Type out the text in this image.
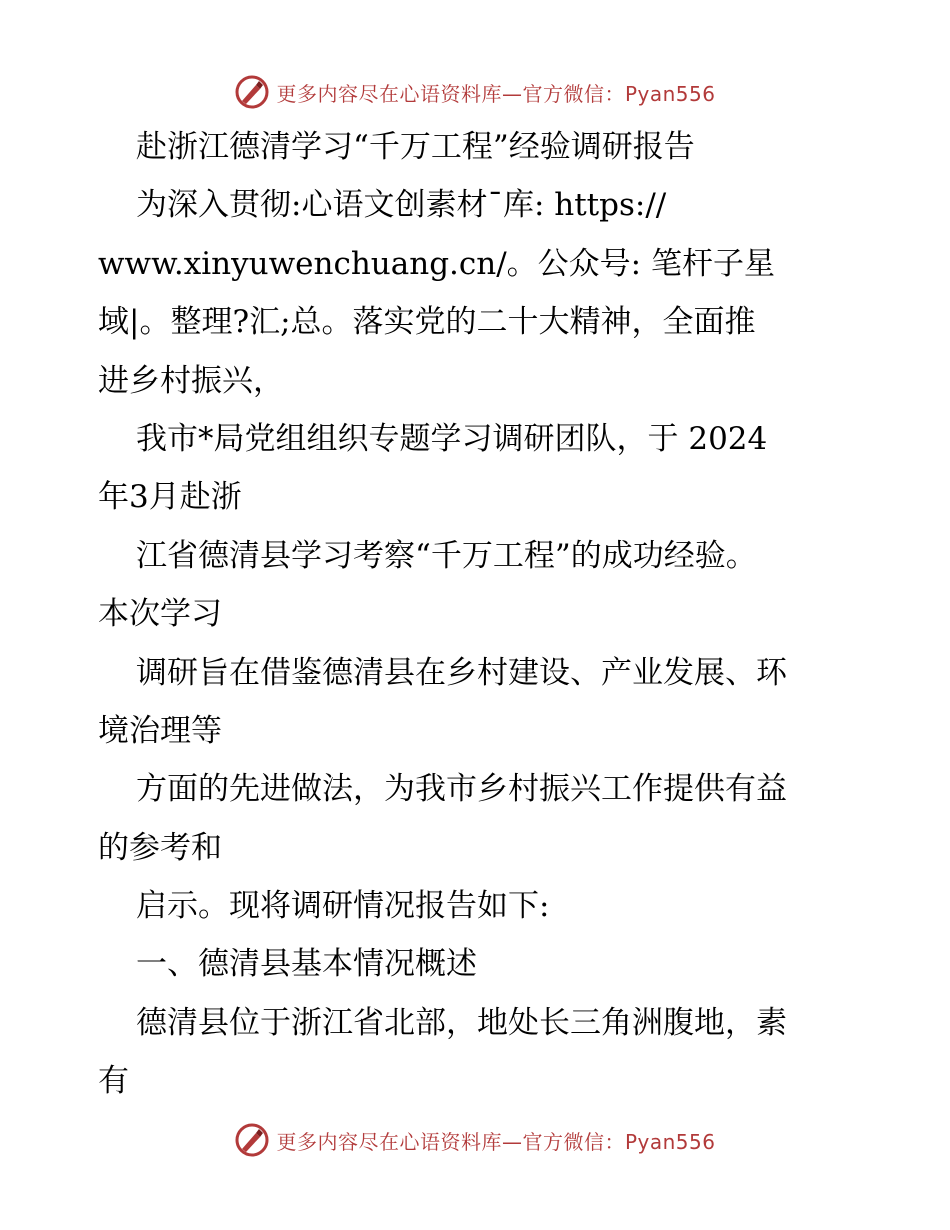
更多内容尽在心语资料库—官方微信：Pyan556
赴浙江德清学习“千万工程”经验调研报告
为深入贯彻:心语文创素材¯库: https://
www.xinyuwenchuang.cn/。公众号: 笔杆子星
域|。整理?汇;总。落实党的二十大精神，全面推
进乡村振兴，
我市*局党组组织专题学习调研团队，于 2024
年3月赴浙
江省德清县学习考察“千万工程”的成功经验。
本次学习
调研旨在借鉴德清县在乡村建设、产业发展、环
境治理等
方面的先进做法，为我市乡村振兴工作提供有益
的参考和
启示。现将调研情况报告如下:
一、德清县基本情况概述
德清县位于浙江省北部，地处长三角洲腹地，素
有
更多内容尽在心语资料库—官方微信：Pyan556
